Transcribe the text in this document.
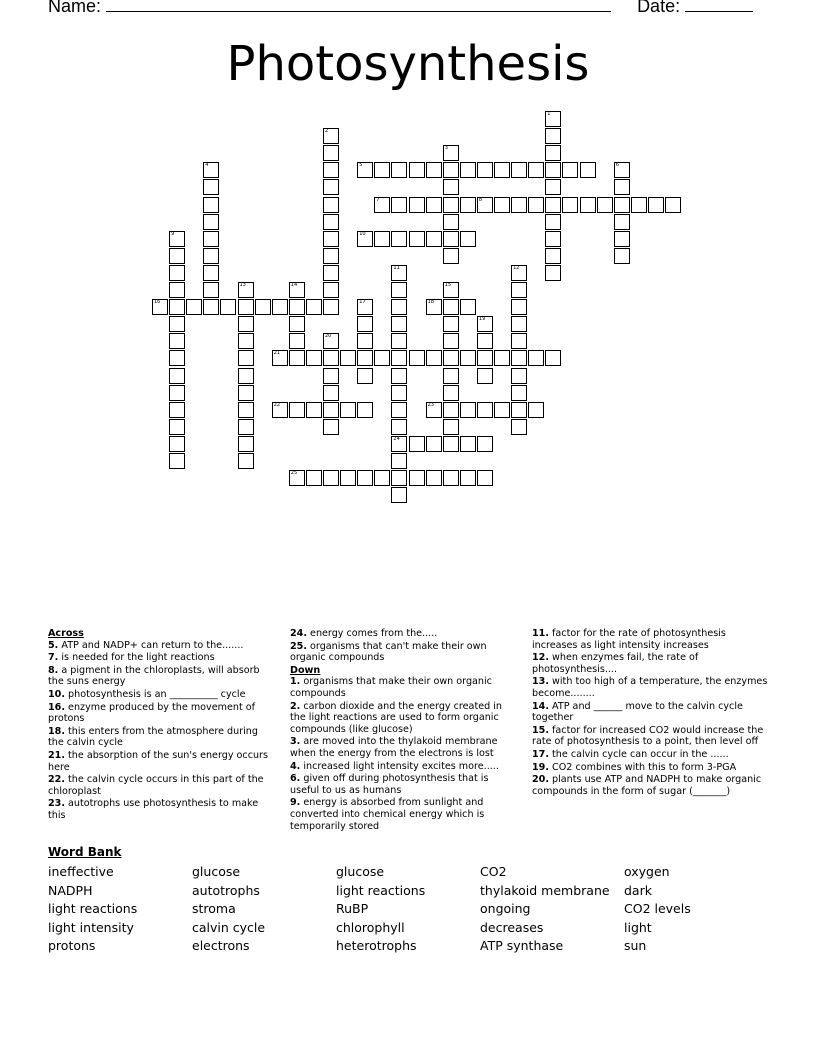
Name:	Date:
Photosynthesis
1
2
3
4	5	6
7	8
9	10
11
24
12
13	14	15
16	17	18
19
20
21
22	23
25
Across
5. ATP and NADP+ can return to the.......
7. is needed for the light reactions
8. a pigment in the chloroplasts, will absorb the suns energy
10. photosynthesis is an __________ cycle
16. enzyme produced by the movement of protons
18. this enters from the atmosphere during the calvin cycle
21. the absorption of the sun's energy occurs here
22. the calvin cycle occurs in this part of the chloroplast
23. autotrophs use photosynthesis to make this
24. energy comes from the.....
25. organisms that can't make their own organic compounds
Down
1. organisms that make their own organic compounds
2. carbon dioxide and the energy created in the light reactions are used to form organic compounds (like glucose)
3. are moved into the thylakoid membrane when the energy from the electrons is lost
4. increased light intensity excites more.....
6. given off during photosynthesis that is useful to us as humans
9. energy is absorbed from sunlight and converted into chemical energy which is temporarily stored
11. factor for the rate of photosynthesis increases as light intensity increases
12. when enzymes fail, the rate of photosynthesis....
13. with too high of a temperature, the enzymes become........
14. ATP and ______ move to the calvin cycle together
15. factor for increased CO2 would increase the rate of photosynthesis to a point, then level off
17. the calvin cycle can occur in the ......
19. CO2 combines with this to form 3-PGA
20. plants use ATP and NADPH to make organic compounds in the form of sugar (_______)
Word Bank
ineffective	glucose	glucose	CO2	oxygen
NADPH	autotrophs	light reactions	thylakoid membrane	dark
light reactions	stroma	RuBP	ongoing	CO2 levels
light intensity	calvin cycle	chlorophyll	decreases	light
protons	electrons	heterotrophs	ATP synthase	sun
